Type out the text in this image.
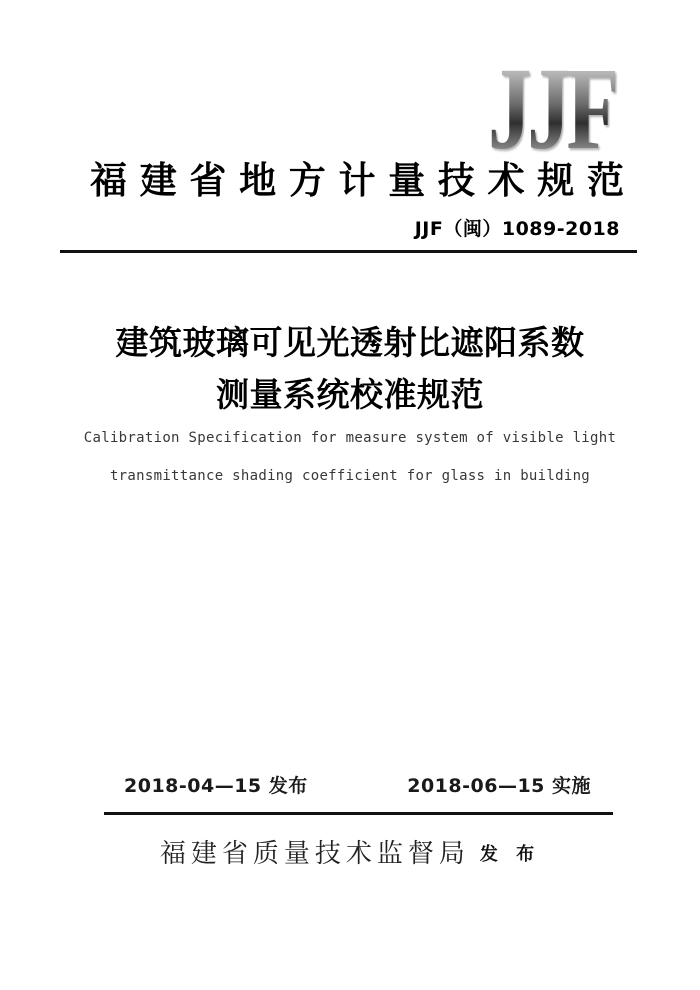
JJF
福 建 省 地 方 计 量 技 术 规 范
JJF（闽）1089-2018
建筑玻璃可见光透射比遮阳系数
测量系统校准规范
Calibration Specification for measure system of visible light
transmittance shading coefficient for glass in building
2018-04—15 发布	2018-06—15 实施
福建省质量技术监督局 发 布
